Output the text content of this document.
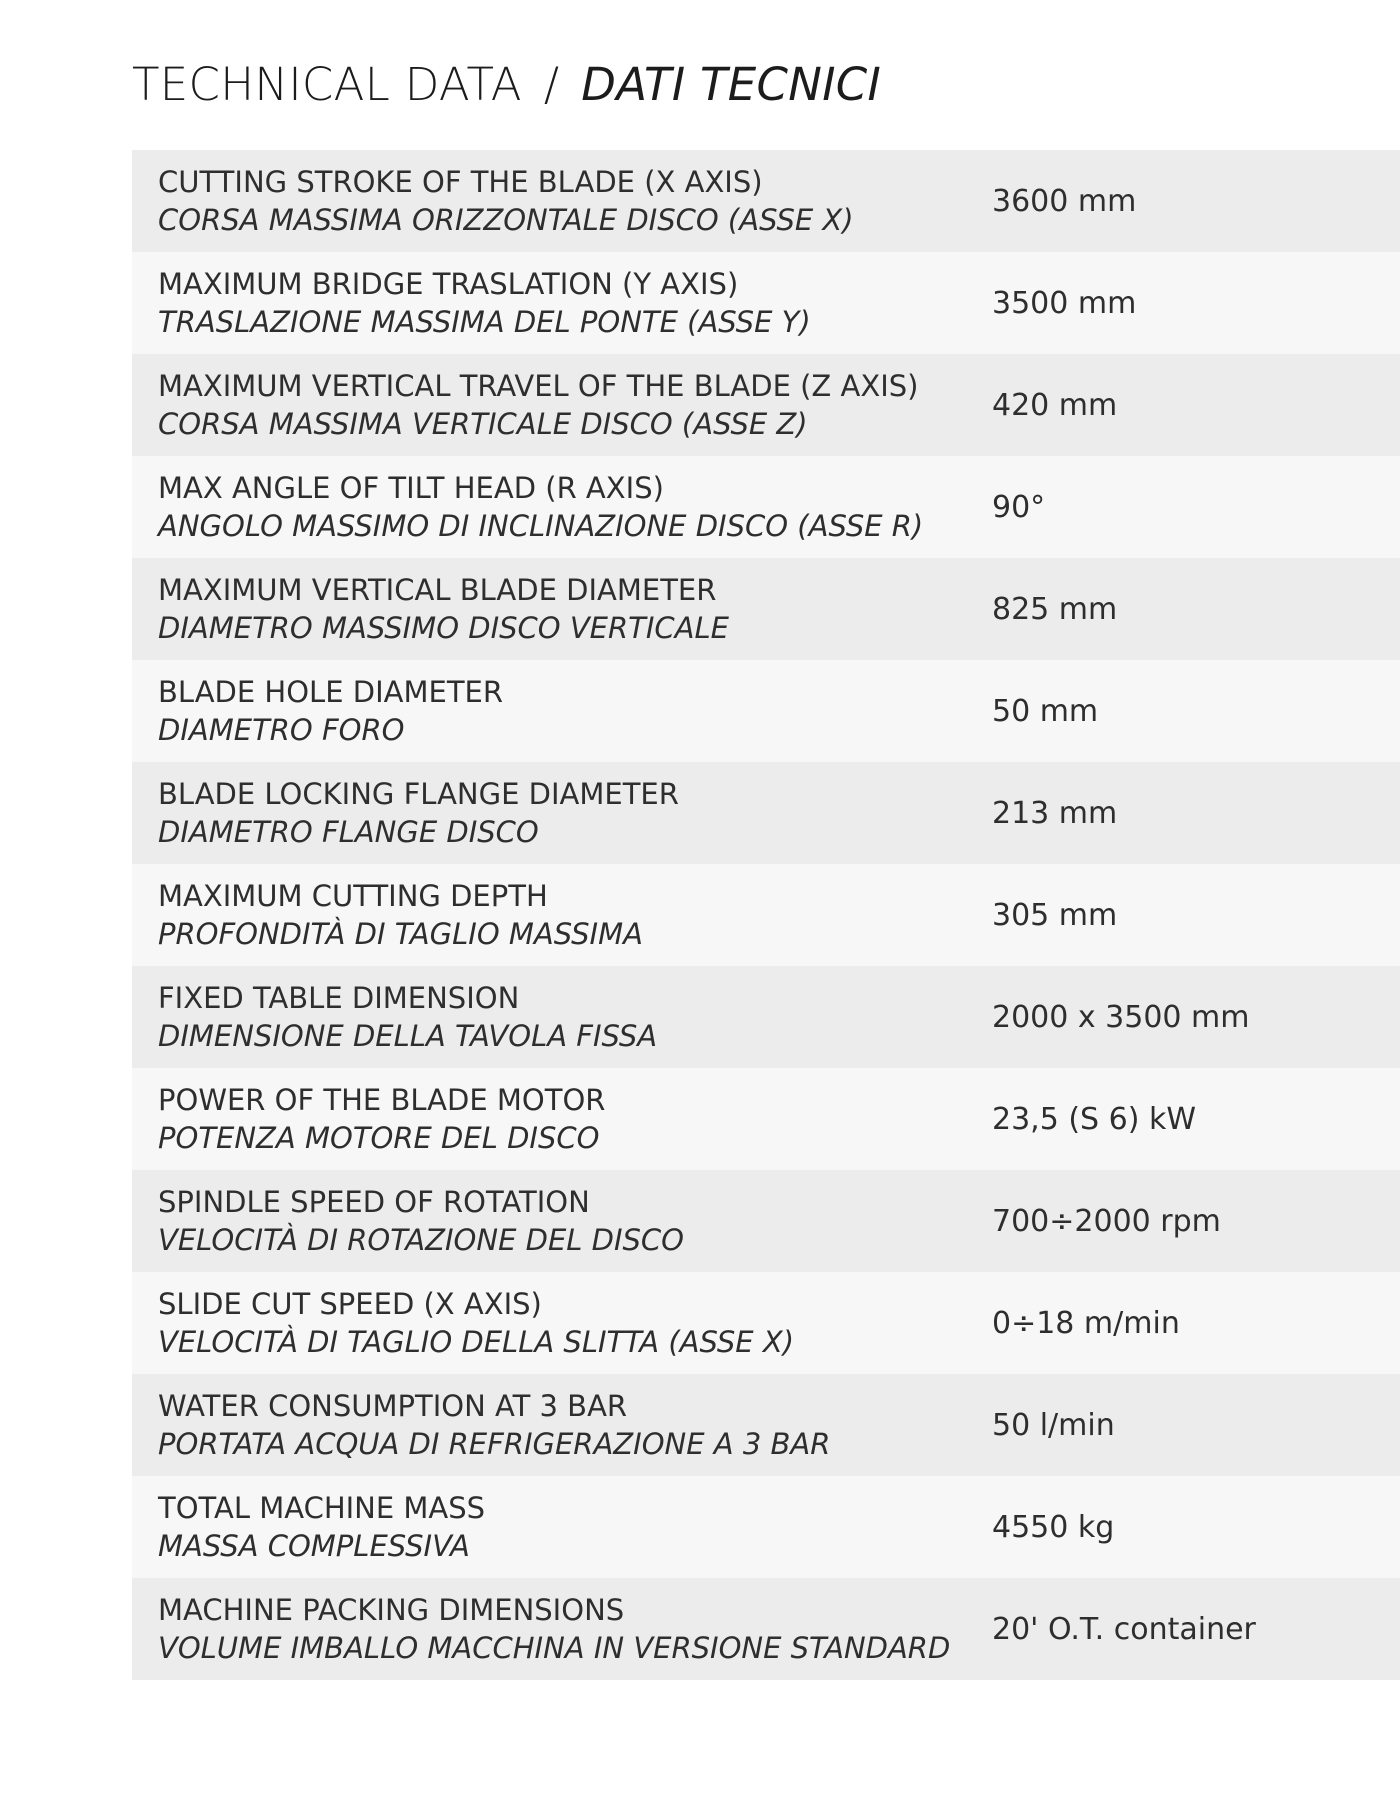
TECHNICAL DATA / DATI TECNICI
CUTTING STROKE OF THE BLADE (X AXIS)
CORSA MASSIMA ORIZZONTALE DISCO (ASSE X)
3600 mm
MAXIMUM BRIDGE TRASLATION (Y AXIS)
TRASLAZIONE MASSIMA DEL PONTE (ASSE Y)
3500 mm
MAXIMUM VERTICAL TRAVEL OF THE BLADE (Z AXIS)
CORSA MASSIMA VERTICALE DISCO (ASSE Z)
420 mm
MAX ANGLE OF TILT HEAD (R AXIS)
ANGOLO MASSIMO DI INCLINAZIONE DISCO (ASSE R)
90°
MAXIMUM VERTICAL BLADE DIAMETER
DIAMETRO MASSIMO DISCO VERTICALE
825 mm
BLADE HOLE DIAMETER
DIAMETRO FORO
50 mm
BLADE LOCKING FLANGE DIAMETER
DIAMETRO FLANGE DISCO
213 mm
MAXIMUM CUTTING DEPTH
PROFONDITÀ DI TAGLIO MASSIMA
305 mm
FIXED TABLE DIMENSION
DIMENSIONE DELLA TAVOLA FISSA
2000 x 3500 mm
POWER OF THE BLADE MOTOR
POTENZA MOTORE DEL DISCO
23,5 (S 6) kW
SPINDLE SPEED OF ROTATION
VELOCITÀ DI ROTAZIONE DEL DISCO
700÷2000 rpm
SLIDE CUT SPEED (X AXIS)
VELOCITÀ DI TAGLIO DELLA SLITTA (ASSE X)
0÷18 m/min
WATER CONSUMPTION AT 3 BAR
PORTATA ACQUA DI REFRIGERAZIONE A 3 BAR
50 l/min
TOTAL MACHINE MASS
MASSA COMPLESSIVA
4550 kg
MACHINE PACKING DIMENSIONS
VOLUME IMBALLO MACCHINA IN VERSIONE STANDARD
20' O.T. container
